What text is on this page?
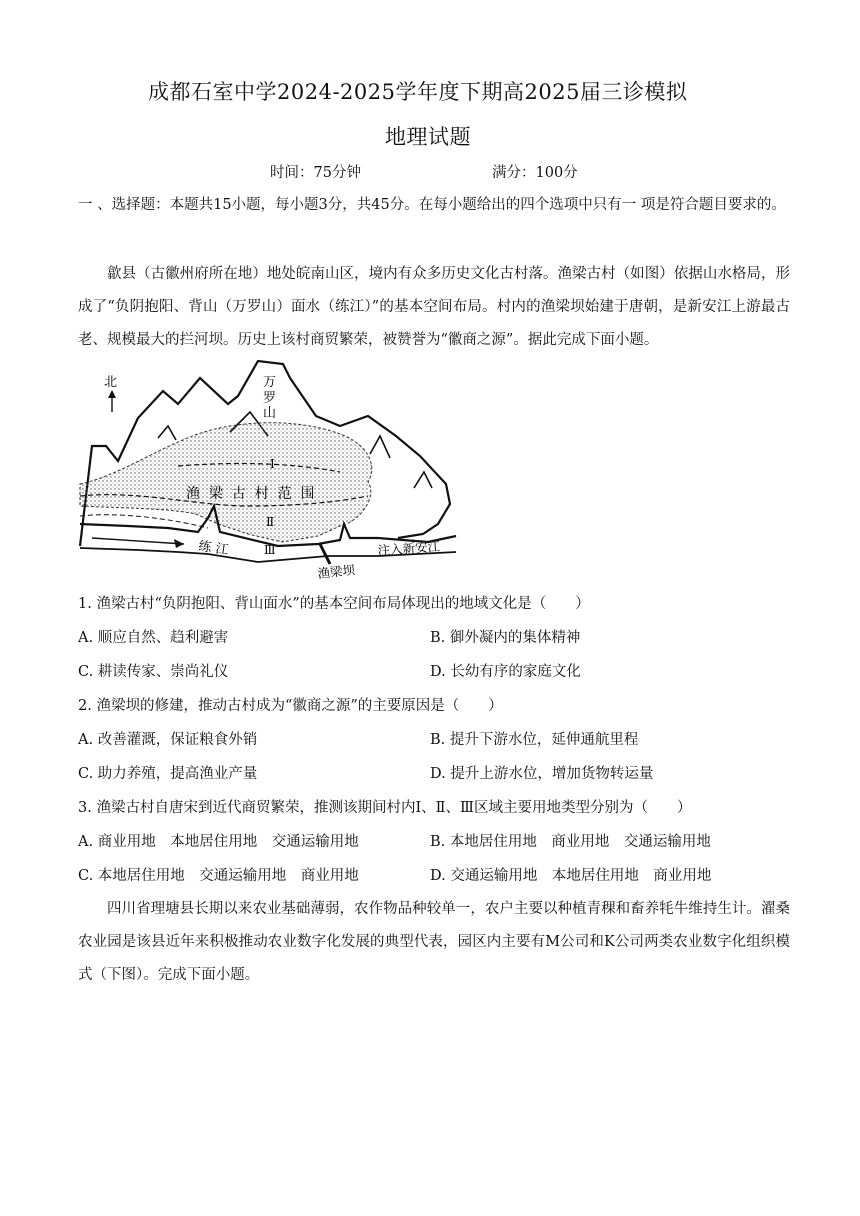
成都石室中学2024-2025学年度下期高2025届三诊模拟
地理试题
时间：75分钟	满分：100分
一 、选择题：本题共15小题，每小题3分，共45分。在每小题给出的四个选项中只有一 项是符合题目要求的。
歙县（古徽州府所在地）地处皖南山区，境内有众多历史文化古村落。渔梁古村（如图）依据山水格局，形成了“负阴抱阳、背山（万罗山）面水（练江）”的基本空间布局。村内的渔梁坝始建于唐朝，是新安江上游最古老、规模最大的拦河坝。历史上该村商贸繁荣，被赞誉为“徽商之源”。据此完成下面小题。
北	万
罗
山
Ⅰ
渔  梁  古  村  范  围
Ⅱ
Ⅲ
练 江	注入新安江
渔梁坝
1. 渔梁古村“负阴抱阳、背山面水”的基本空间布局体现出的地域文化是（　　）
A. 顺应自然、趋利避害	B. 御外凝内的集体精神
C. 耕读传家、崇尚礼仪	D. 长幼有序的家庭文化
2. 渔梁坝的修建，推动古村成为“徽商之源”的主要原因是（　　）
A. 改善灌溉，保证粮食外销	B. 提升下游水位，延伸通航里程
C. 助力养殖，提高渔业产量	D. 提升上游水位，增加货物转运量
3. 渔梁古村自唐宋到近代商贸繁荣，推测该期间村内Ⅰ、Ⅱ、Ⅲ区域主要用地类型分别为（　　）
A. 商业用地　本地居住用地　交通运输用地	B. 本地居住用地　商业用地　交通运输用地
C. 本地居住用地　交通运输用地　商业用地	D. 交通运输用地　本地居住用地　商业用地
四川省理塘县长期以来农业基础薄弱，农作物品种较单一，农户主要以种植青稞和畜养牦牛维持生计。濯桑农业园是该县近年来积极推动农业数字化发展的典型代表，园区内主要有M公司和K公司两类农业数字化组织模式（下图）。完成下面小题。
